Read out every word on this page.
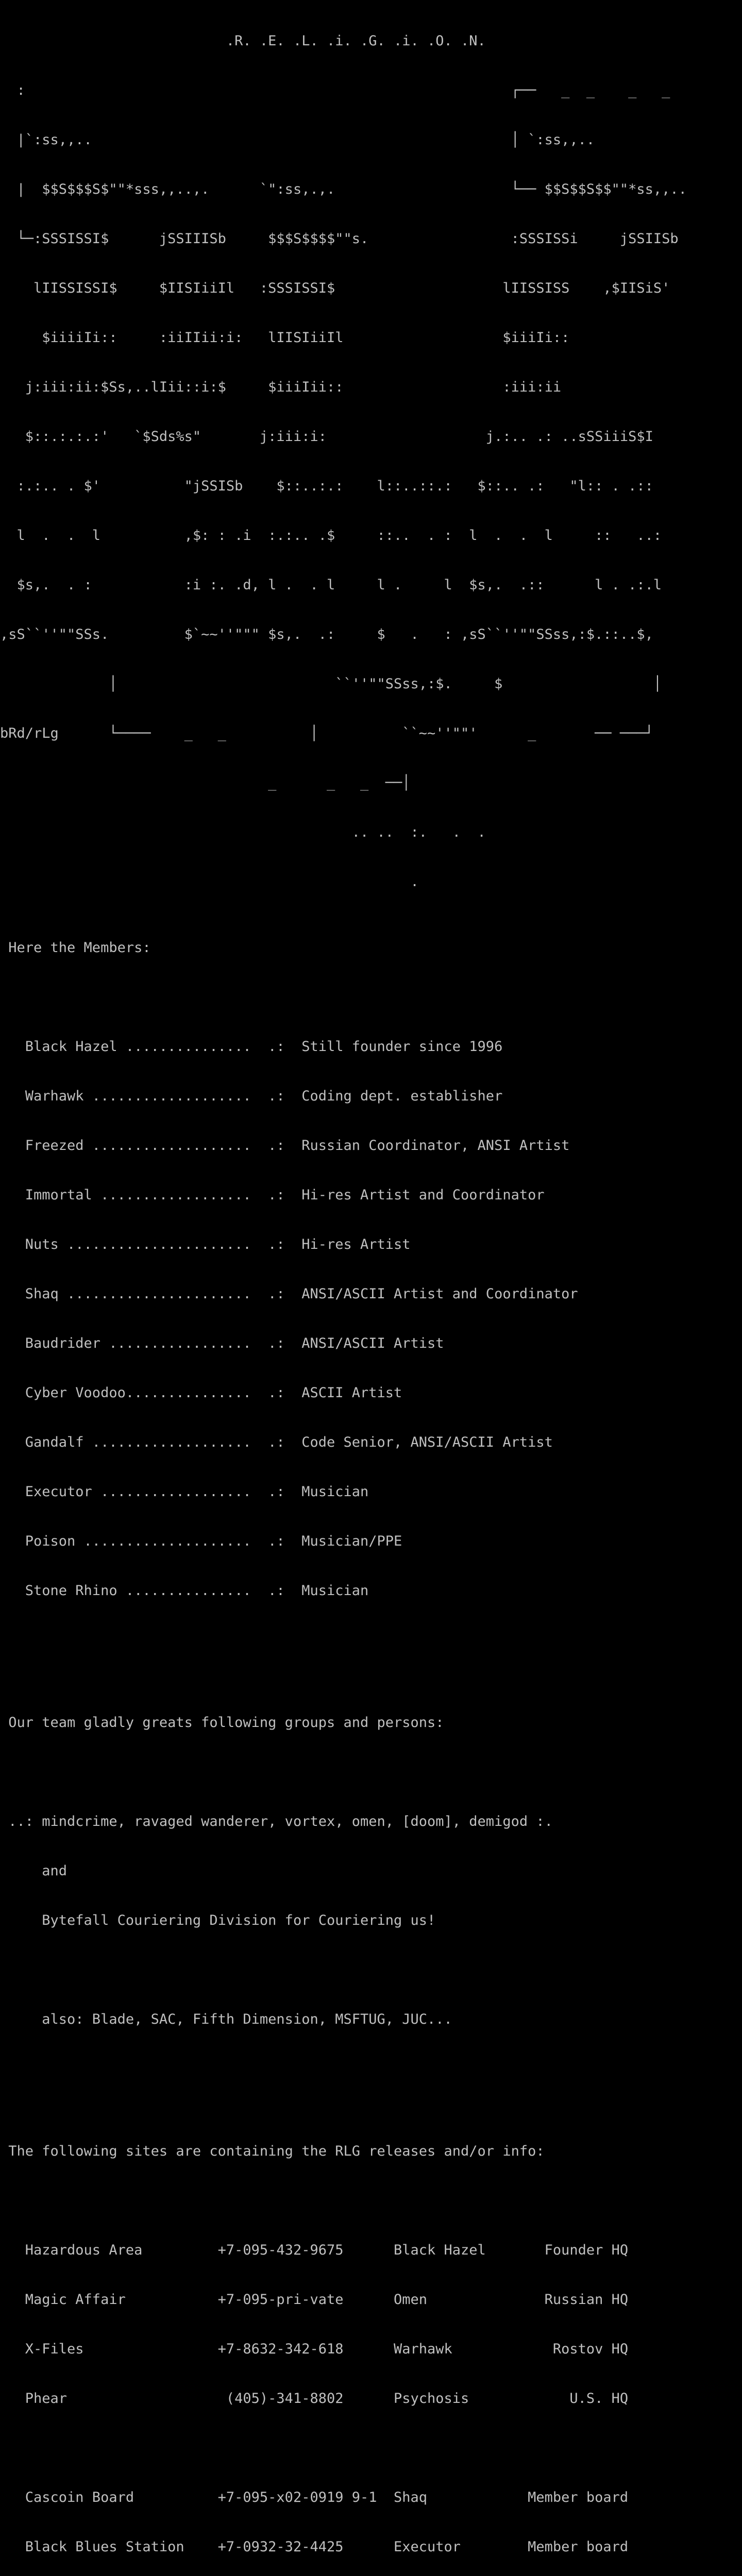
.R. .E. .L. .i. .G. .i. .O. .N.

:                                                          ┌──   _  _    _   _

|`:ss,,..                                                  │ `:ss,,..

|  $$S$$$S$""*sss,,..,.      `":ss,.,.                     └── $$S$$S$$""*ss,,..

└─:SSSISSI$      jSSIIISb     $$$S$$$$""s.                 :SSSISSi     jSSIISb

lIISSISSI$     $IISIiiIl   :SSSISSI$                    lIISSISS    ,$IISiS'

$iiiiIi::     :iiIIii:i:   lIISIiiIl                   $iiiIi::

j:iii:ii:$Ss,..lIii::i:$     $iiiIii::                   :iii:ii

$::.:.:.:'   `$Sds%s"       j:iii:i:                   j.:.. .: ..sSSiiiS$I

:.:.. . $'          "jSSISb    $::..:.:    l::..::.:   $::.. .:   "l:: . .::

l  .  .  l          ,$: : .i  :.:.. .$     ::..  . :  l  .  .  l     ::   ..:

$s,.  . :           :i :. .d, l .  . l     l .     l  $s,.  .::      l . .:.l

,sS``''""SSs.         $`~~''""" $s,.  .:     $   .   : ,sS``''""SSss,:$.::..$,

│                          ``''""SSss,:$.     $                  │

bRd/rLg      └────    _   _          │          ``~~''""'      _       ── ───┘

_      _   _  ──│

.. ..  :.   .  .

.

Here the Members:

Black Hazel ...............  .:  Still founder since 1996

Warhawk ...................  .:  Coding dept. establisher

Freezed ...................  .:  Russian Coordinator, ANSI Artist

Immortal ..................  .:  Hi-res Artist and Coordinator

Nuts ......................  .:  Hi-res Artist

Shaq ......................  .:  ANSI/ASCII Artist and Coordinator

Baudrider .................  .:  ANSI/ASCII Artist

Cyber Voodoo...............  .:  ASCII Artist

Gandalf ...................  .:  Code Senior, ANSI/ASCII Artist

Executor ..................  .:  Musician

Poison ....................  .:  Musician/PPE

Stone Rhino ...............  .:  Musician

Our team gladly greats following groups and persons:

..: mindcrime, ravaged wanderer, vortex, omen, [doom], demigod :.

and

Bytefall Couriering Division for Couriering us!

also: Blade, SAC, Fifth Dimension, MSFTUG, JUC...

The following sites are containing the RLG releases and/or info:

Hazardous Area         +7-095-432-9675      Black Hazel       Founder HQ

Magic Affair           +7-095-pri-vate      Omen              Russian HQ

X-Files                +7-8632-342-618      Warhawk            Rostov HQ

Phear                   (405)-341-8802      Psychosis            U.S. HQ

Cascoin Board          +7-095-x02-0919 9-1  Shaq            Member board

Black Blues Station    +7-0932-32-4425      Executor        Member board
